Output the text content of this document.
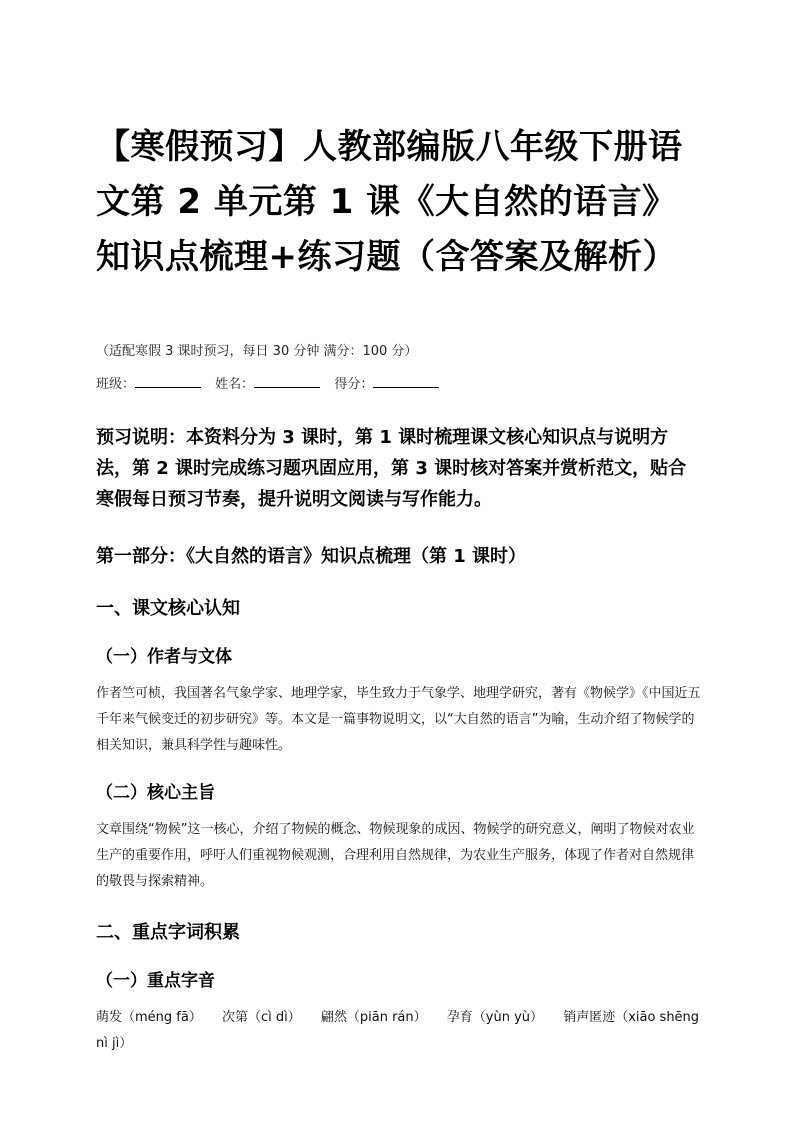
【寒假预习】人教部编版八年级下册语文第 2 单元第 1 课《大自然的语言》知识点梳理+练习题（含答案及解析）

（适配寒假 3 课时预习，每日 30 分钟 满分：100 分）

班级：	姓名：	得分：

预习说明：本资料分为 3 课时，第 1 课时梳理课文核心知识点与说明方法，第 2 课时完成练习题巩固应用，第 3 课时核对答案并赏析范文，贴合寒假每日预习节奏，提升说明文阅读与写作能力。

第一部分：《大自然的语言》知识点梳理（第 1 课时）
一、课文核心认知
（一）作者与文体

作者竺可桢，我国著名气象学家、地理学家，毕生致力于气象学、地理学研究，著有《物候学》《中国近五千年来气候变迁的初步研究》等。本文是一篇事物说明文，以“大自然的语言”为喻，生动介绍了物候学的相关知识，兼具科学性与趣味性。

（二）核心主旨

文章围绕“物候”这一核心，介绍了物候的概念、物候现象的成因、物候学的研究意义，阐明了物候对农业生产的重要作用，呼吁人们重视物候观测，合理利用自然规律，为农业生产服务，体现了作者对自然规律的敬畏与探索精神。

二、重点字词积累
（一）重点字音

萌发（méng fā） 次第（cì dì） 翩然（piān rán） 孕育（yùn yù） 销声匿迹（xiāo shēng nì jì）
